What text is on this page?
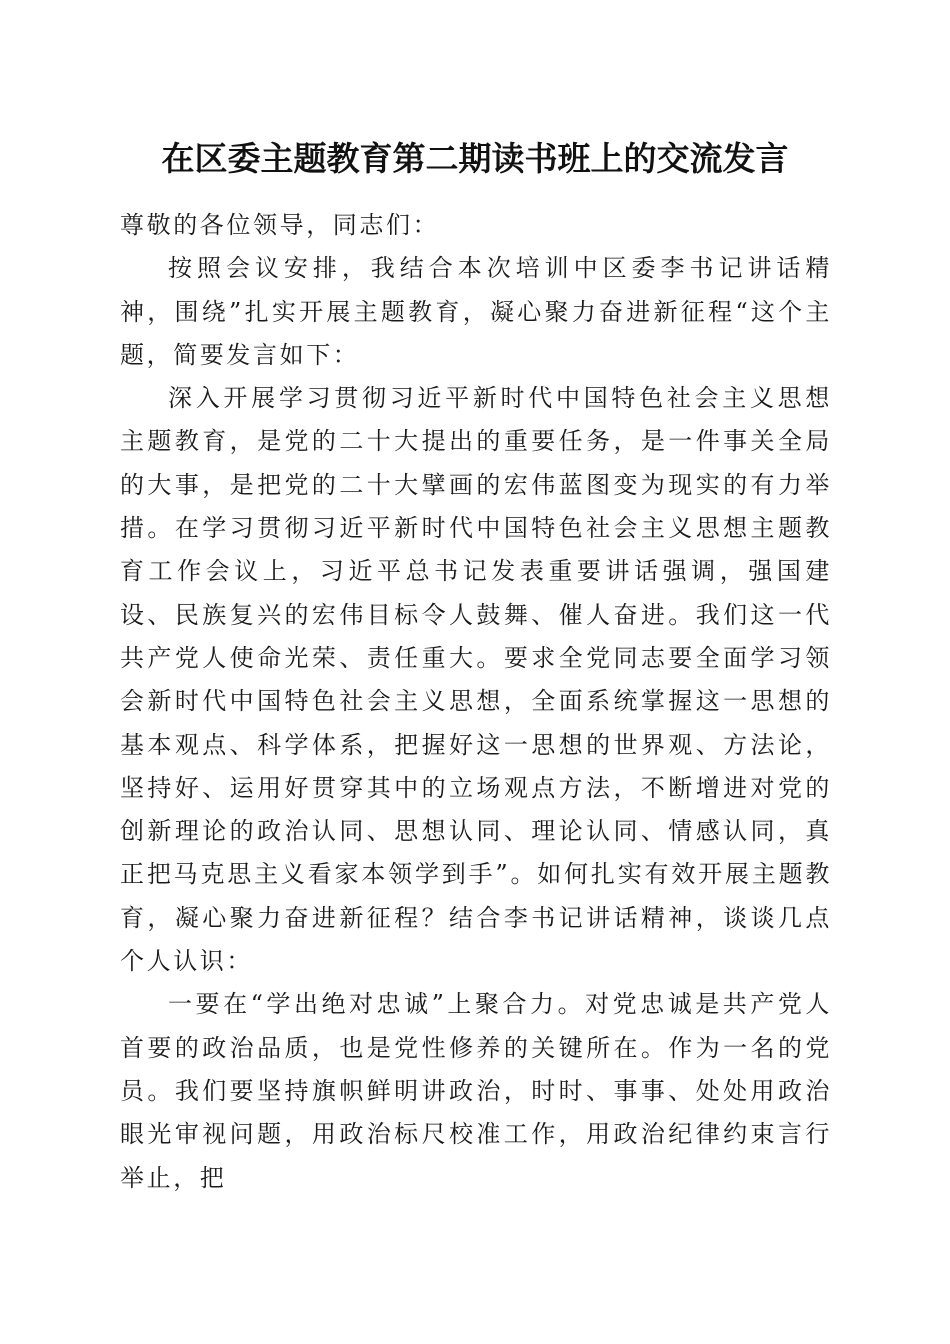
在区委主题教育第二期读书班上的交流发言

尊敬的各位领导，同志们：

按照会议安排，我结合本次培训中区委李书记讲话精神，围绕”扎实开展主题教育，凝心聚力奋进新征程“这个主题，简要发言如下：

深入开展学习贯彻习近平新时代中国特色社会主义思想主题教育，是党的二十大提出的重要任务，是一件事关全局的大事，是把党的二十大擘画的宏伟蓝图变为现实的有力举措。在学习贯彻习近平新时代中国特色社会主义思想主题教育工作会议上，习近平总书记发表重要讲话强调，强国建设、民族复兴的宏伟目标令人鼓舞、催人奋进。我们这一代共产党人使命光荣、责任重大。要求全党同志要全面学习领会新时代中国特色社会主义思想，全面系统掌握这一思想的基本观点、科学体系，把握好这一思想的世界观、方法论，坚持好、运用好贯穿其中的立场观点方法，不断增进对党的创新理论的政治认同、思想认同、理论认同、情感认同，真正把马克思主义看家本领学到手”。如何扎实有效开展主题教育，凝心聚力奋进新征程？结合李书记讲话精神，谈谈几点个人认识：

一要在“学出绝对忠诚”上聚合力。对党忠诚是共产党人首要的政治品质，也是党性修养的关键所在。作为一名的党员。我们要坚持旗帜鲜明讲政治，时时、事事、处处用政治眼光审视问题，用政治标尺校准工作，用政治纪律约束言行举止，把
